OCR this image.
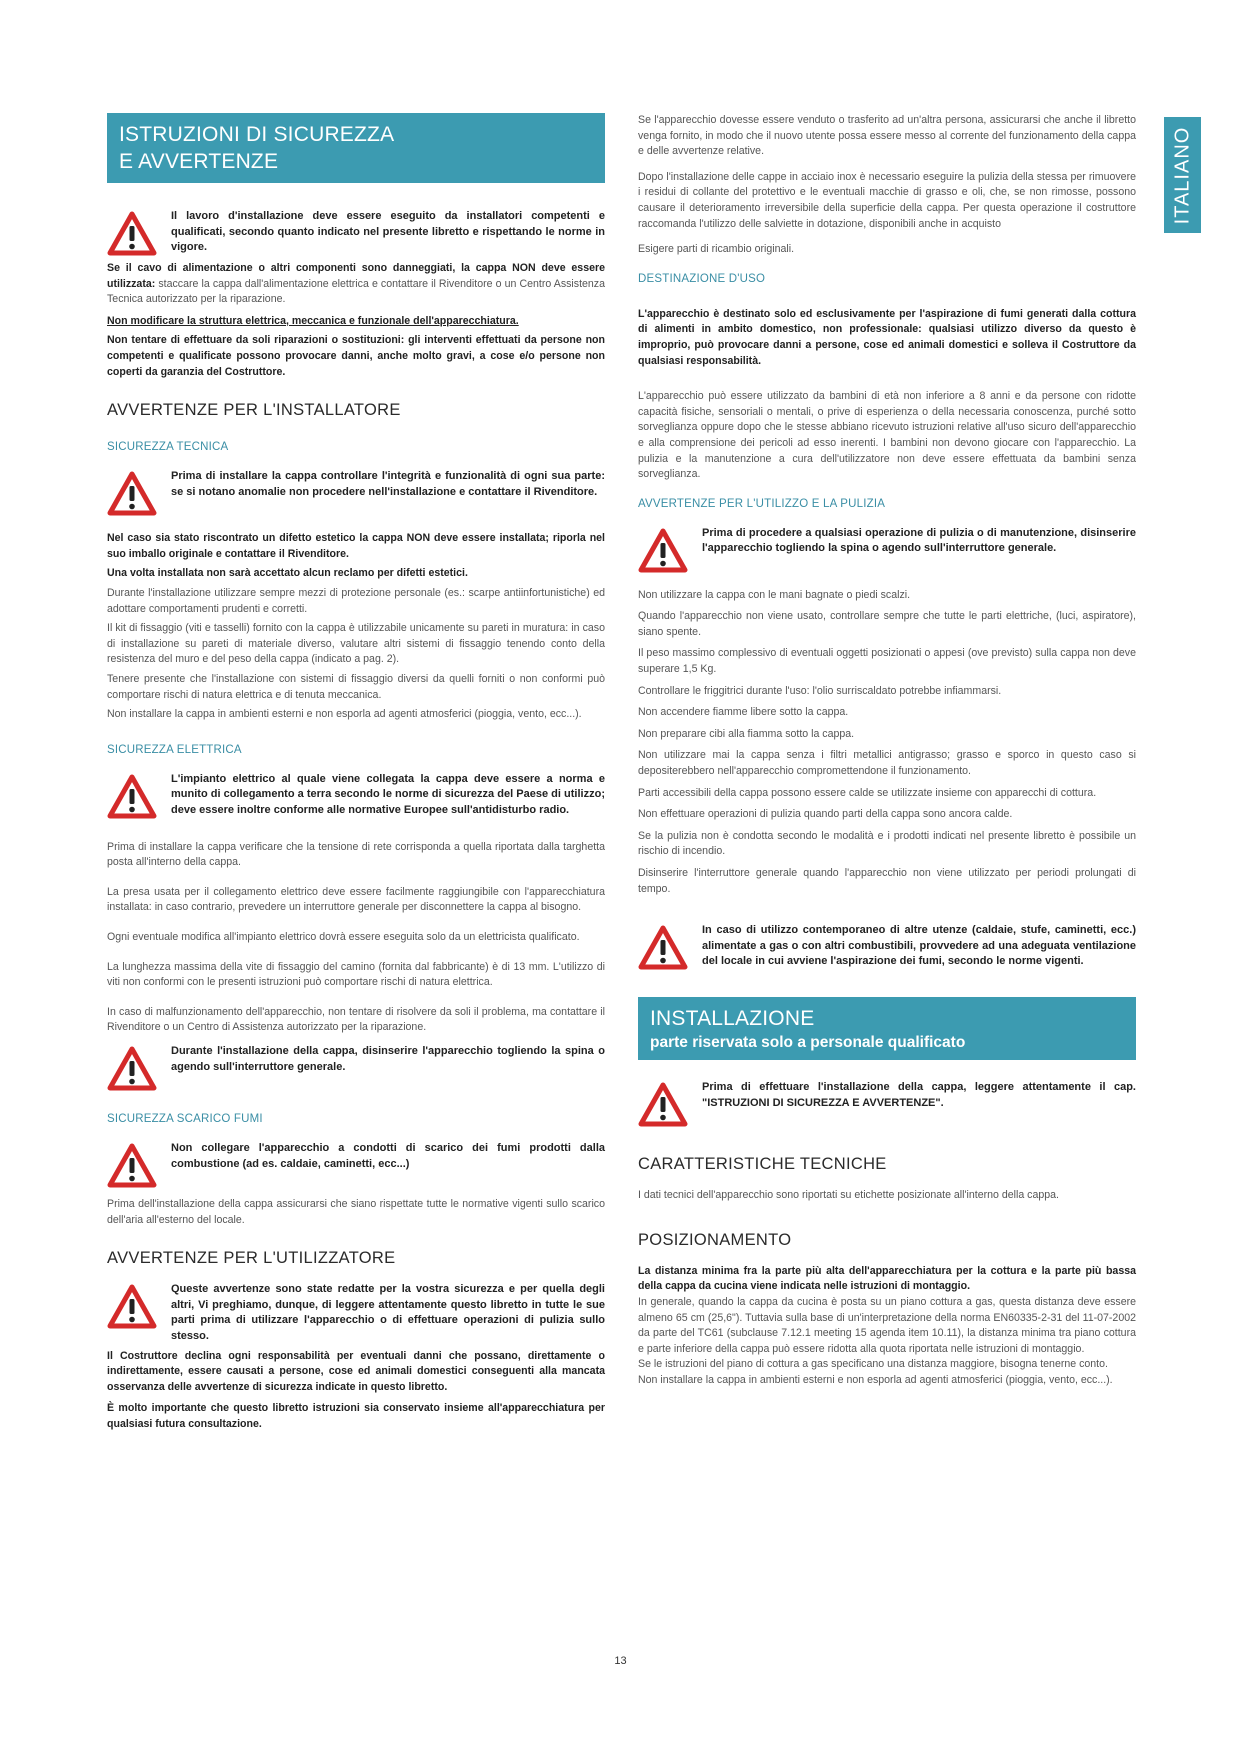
ITALIANO
ISTRUZIONI DI SICUREZZA
E AVVERTENZE
Il lavoro d'installazione deve essere eseguito da installatori competenti e qualificati, secondo quanto indicato nel presente libretto e rispettando le norme in vigore.

Se il cavo di alimentazione o altri componenti sono danneggiati, la cappa NON deve essere utilizzata: staccare la cappa dall'alimentazione elettrica e contattare il Rivenditore o un Centro Assistenza Tecnica autorizzato per la riparazione.

Non modificare la struttura elettrica, meccanica e funzionale dell'apparecchiatura.

Non tentare di effettuare da soli riparazioni o sostituzioni: gli interventi effettuati da persone non competenti e qualificate possono provocare danni, anche molto gravi, a cose e/o persone non coperti da garanzia del Costruttore.

AVVERTENZE PER L'INSTALLATORE
SICUREZZA TECNICA
Prima di installare la cappa controllare l'integrità e funzionalità di ogni sua parte: se si notano anomalie non procedere nell'installazione e contattare il Rivenditore.

Nel caso sia stato riscontrato un difetto estetico la cappa NON deve essere installata; riporla nel suo imballo originale e contattare il Rivenditore.

Una volta installata non sarà accettato alcun reclamo per difetti estetici.

Durante l'installazione utilizzare sempre mezzi di protezione personale (es.: scarpe antiinfortunistiche) ed adottare comportamenti prudenti e corretti.

Il kit di fissaggio (viti e tasselli) fornito con la cappa è utilizzabile unicamente su pareti in muratura: in caso di installazione su pareti di materiale diverso, valutare altri sistemi di fissaggio tenendo conto della resistenza del muro e del peso della cappa (indicato a pag. 2).

Tenere presente che l'installazione con sistemi di fissaggio diversi da quelli forniti o non conformi può comportare rischi di natura elettrica e di tenuta meccanica.

Non installare la cappa in ambienti esterni e non esporla ad agenti atmosferici (pioggia, vento, ecc...).

SICUREZZA ELETTRICA
L'impianto elettrico al quale viene collegata la cappa deve essere a norma e munito di collegamento a terra secondo le norme di sicurezza del Paese di utilizzo; deve essere inoltre conforme alle normative Europee sull'antidisturbo radio.

Prima di installare la cappa verificare che la tensione di rete corrisponda a quella riportata dalla targhetta posta all'interno della cappa.

La presa usata per il collegamento elettrico deve essere facilmente raggiungibile con l'apparecchiatura installata: in caso contrario, prevedere un interruttore generale per disconnettere la cappa al bisogno.

Ogni eventuale modifica all'impianto elettrico dovrà essere eseguita solo da un elettricista qualificato.

La lunghezza massima della vite di fissaggio del camino (fornita dal fabbricante) è di 13 mm. L'utilizzo di viti non conformi con le presenti istruzioni può comportare rischi di natura elettrica.

In caso di malfunzionamento dell'apparecchio, non tentare di risolvere da soli il problema, ma contattare il Rivenditore o un Centro di Assistenza autorizzato per la riparazione.

Durante l'installazione della cappa, disinserire l'apparecchio togliendo la spina o agendo sull'interruttore generale.
SICUREZZA SCARICO FUMI
Non collegare l'apparecchio a condotti di scarico dei fumi prodotti dalla combustione (ad es. caldaie, caminetti, ecc...)

Prima dell'installazione della cappa assicurarsi che siano rispettate tutte le normative vigenti sullo scarico dell'aria all'esterno del locale.

AVVERTENZE PER L'UTILIZZATORE
Queste avvertenze sono state redatte per la vostra sicurezza e per quella degli altri, Vi preghiamo, dunque, di leggere attentamente questo libretto in tutte le sue parti prima di utilizzare l'apparecchio o di effettuare operazioni di pulizia sullo stesso.

Il Costruttore declina ogni responsabilità per eventuali danni che possano, direttamente o indirettamente, essere causati a persone, cose ed animali domestici conseguenti alla mancata osservanza delle avvertenze di sicurezza indicate in questo libretto.

È molto importante che questo libretto istruzioni sia conservato insieme all'apparecchiatura per qualsiasi futura consultazione.

Se l'apparecchio dovesse essere venduto o trasferito ad un'altra persona, assicurarsi che anche il libretto venga fornito, in modo che il nuovo utente possa essere messo al corrente del funzionamento della cappa e delle avvertenze relative.

Dopo l'installazione delle cappe in acciaio inox è necessario eseguire la pulizia della stessa per rimuovere i residui di collante del protettivo e le eventuali macchie di grasso e oli, che, se non rimosse, possono causare il deterioramento irreversibile della superficie della cappa. Per questa operazione il costruttore raccomanda l'utilizzo delle salviette in dotazione, disponibili anche in acquisto

Esigere parti di ricambio originali.

DESTINAZIONE D'USO

L'apparecchio è destinato solo ed esclusivamente per l'aspirazione di fumi generati dalla cottura di alimenti in ambito domestico, non professionale: qualsiasi utilizzo diverso da questo è improprio, può provocare danni a persone, cose ed animali domestici e solleva il Costruttore da qualsiasi responsabilità.

L'apparecchio può essere utilizzato da bambini di età non inferiore a 8 anni e da persone con ridotte capacità fisiche, sensoriali o mentali, o prive di esperienza o della necessaria conoscenza, purché sotto sorveglianza oppure dopo che le stesse abbiano ricevuto istruzioni relative all'uso sicuro dell'apparecchio e alla comprensione dei pericoli ad esso inerenti. I bambini non devono giocare con l'apparecchio. La pulizia e la manutenzione a cura dell'utilizzatore non deve essere effettuata da bambini senza sorveglianza.

AVVERTENZE PER L'UTILIZZO E LA PULIZIA
Prima di procedere a qualsiasi operazione di pulizia o di manutenzione, disinserire l'apparecchio togliendo la spina o agendo sull'interruttore generale.

Non utilizzare la cappa con le mani bagnate o piedi scalzi.

Quando l'apparecchio non viene usato, controllare sempre che tutte le parti elettriche, (luci, aspiratore), siano spente.

Il peso massimo complessivo di eventuali oggetti posizionati o appesi (ove previsto) sulla cappa non deve superare 1,5 Kg.

Controllare le friggitrici durante l'uso: l'olio surriscaldato potrebbe infiammarsi.

Non accendere fiamme libere sotto la cappa.

Non preparare cibi alla fiamma sotto la cappa.

Non utilizzare mai la cappa senza i filtri metallici antigrasso; grasso e sporco in questo caso si depositerebbero nell'apparecchio compromettendone il funzionamento.

Parti accessibili della cappa possono essere calde se utilizzate insieme con apparecchi di cottura.

Non effettuare operazioni di pulizia quando parti della cappa sono ancora calde.

Se la pulizia non è condotta secondo le modalità e i prodotti indicati nel presente libretto è possibile un rischio di incendio.

Disinserire l'interruttore generale quando l'apparecchio non viene utilizzato per periodi prolungati di tempo.

In caso di utilizzo contemporaneo di altre utenze (caldaie, stufe, caminetti, ecc.) alimentate a gas o con altri combustibili, provvedere ad una adeguata ventilazione del locale in cui avviene l'aspirazione dei fumi, secondo le norme vigenti.
INSTALLAZIONE
parte riservata solo a personale qualificato
Prima di effettuare l'installazione della cappa, leggere attentamente il cap. "ISTRUZIONI DI SICUREZZA E AVVERTENZE".
CARATTERISTICHE TECNICHE

I dati tecnici dell'apparecchio sono riportati su etichette posizionate all'interno della cappa.

POSIZIONAMENTO

La distanza minima fra la parte più alta dell'apparecchiatura per la cottura e la parte più bassa della cappa da cucina viene indicata nelle istruzioni di montaggio.

In generale, quando la cappa da cucina è posta su un piano cottura a gas, questa distanza deve essere almeno 65 cm (25,6"). Tuttavia sulla base di un'interpretazione della norma EN60335-2-31 del 11-07-2002 da parte del TC61 (subclause 7.12.1 meeting 15 agenda item 10.11), la distanza minima tra piano cottura e parte inferiore della cappa può essere ridotta alla quota riportata nelle istruzioni di montaggio.

Se le istruzioni del piano di cottura a gas specificano una distanza maggiore, bisogna tenerne conto.

Non installare la cappa in ambienti esterni e non esporla ad agenti atmosferici (pioggia, vento, ecc...).

13
